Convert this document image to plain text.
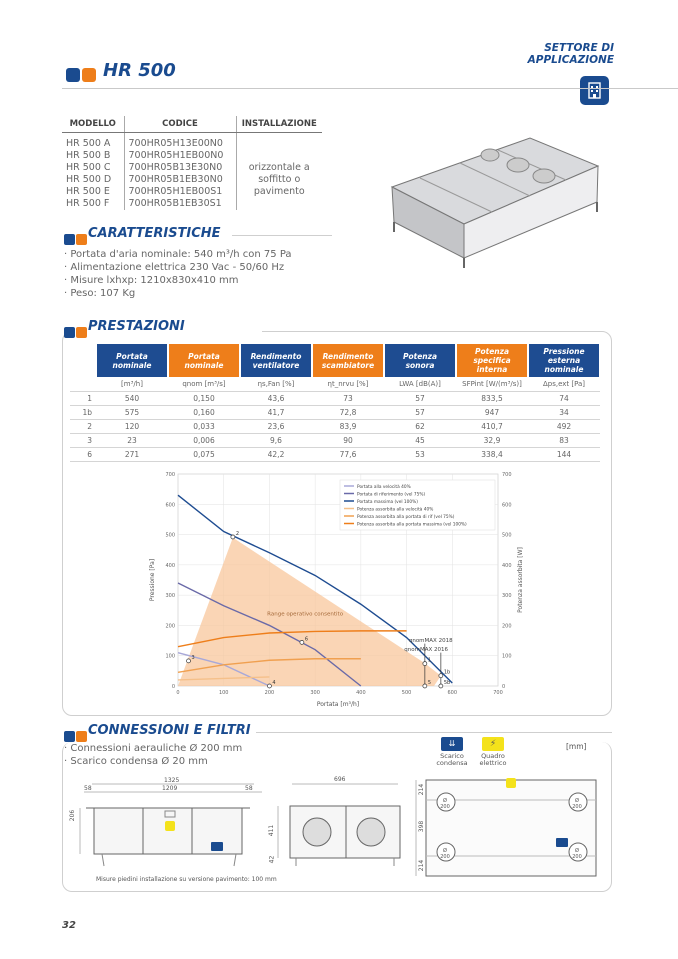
SETTORE DI
APPLICAZIONE
HR 500
MODELLO	CODICE	INSTALLAZIONE

HR 500 A	700HR05H13E00N0	
HR 500 B	700HR05H1EB00N0	
HR 500 C	700HR05B13E30N0	orizzontale a
HR 500 D	700HR05B1EB30N0	soffitto o
HR 500 E	700HR05H1EB00S1	pavimento
HR 500 F	700HR05B1EB30S1	
CARATTERISTICHE
· Portata d'aria nominale: 540 m³/h con 75 Pa
· Alimentazione elettrica 230 Vac - 50/60 Hz
· Misure lxhxp: 1210x830x410 mm
· Peso: 107 Kg
PRESTAZIONI
	Portata nominale	Portata nominale	Rendimento ventilatore	Rendimento scambiatore	Potenza sonora	Potenza specifica interna	Pressione esterna nominale
	[m³/h]	qnom [m³/s]	ηs,Fan [%]	ηt_nrvu [%]	LWA [dB(A)]	SFPint [W/(m³/s)]	Δps,ext [Pa]
1	540	0,150	43,6	73	57	833,5	74
1b	575	0,160	41,7	72,8	57	947	34
2	120	0,033	23,6	83,9	62	410,7	492
3	23	0,006	9,6	90	45	32,9	83
6	271	0,075	42,2	77,6	53	338,4	144
0	100	200	300	400	500	600	700
0	0
100	100
200	200
300	300
400	400
500	500
600	600
700	700
Portata alla velocità 40%
Portata di riferimento (vel 75%)
Portata massima (vel 100%)
Potenza assorbita alla velocità 40%
Potenza assorbita alla portata di rif (vel 75%)
Potenza assorbita alla portata massima (vel 100%)
Range operativo consentito
Portata [m³/h]
Pressione [Pa]	Potenza assorbita [W]
qnomMAX 2018
qnomMAX 2016
1
1b
2
3
4	5	5b
6
CONNESSIONI E FILTRI
· Connessioni aerauliche Ø 200 mm
· Scarico condensa Ø 20 mm
⇊	⚡
Scarico condensa
Quadro elettrico
[mm]
1325
58	1209	58
206
696
411
42
214
398
214
Ø 200
Ø 200
Ø 200
Ø 200
Misure piedini installazione su versione pavimento: 100 mm
32
